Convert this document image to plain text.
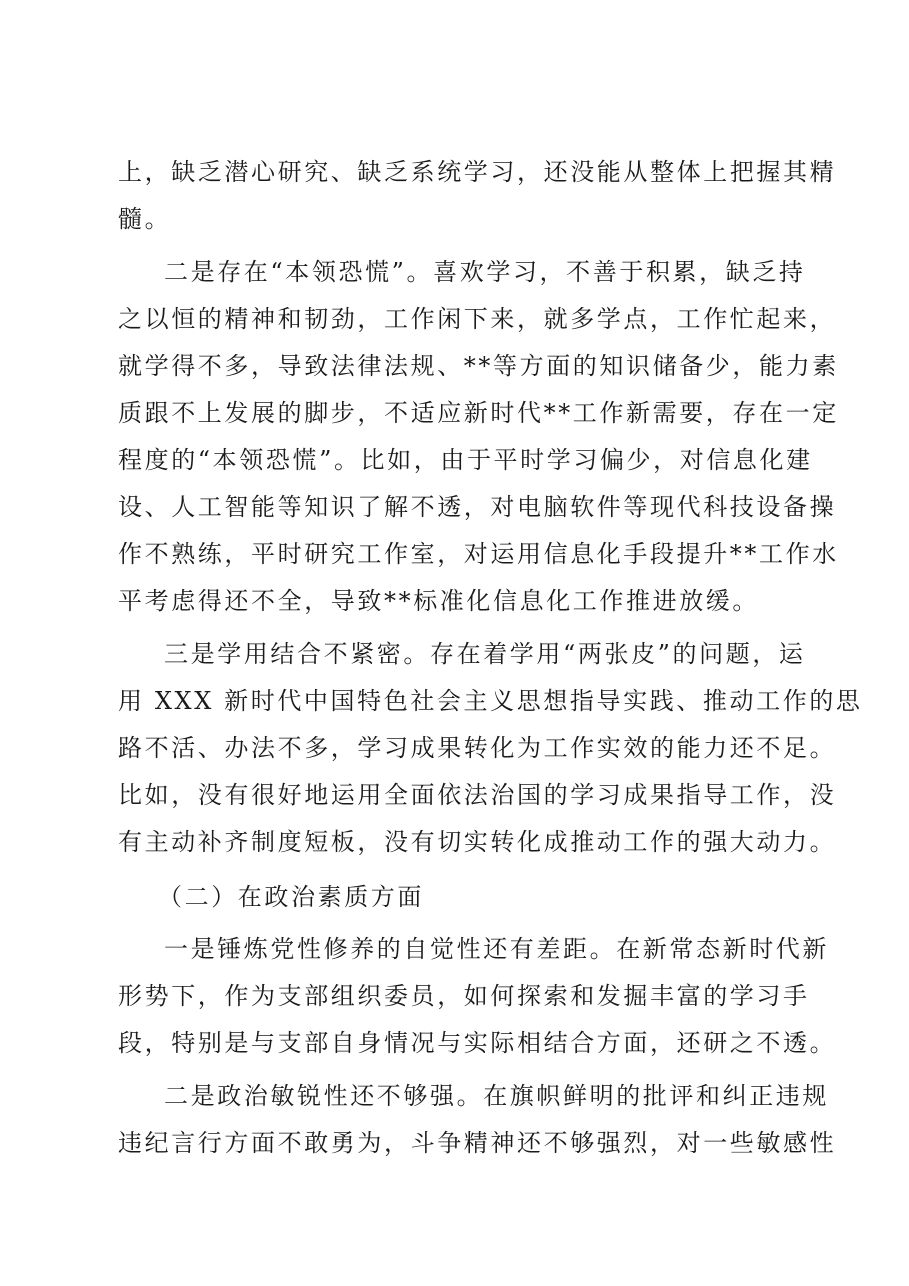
上，缺乏潜心研究、缺乏系统学习，还没能从整体上把握其精
髓。
二是存在“本领恐慌”。喜欢学习，不善于积累，缺乏持
之以恒的精神和韧劲，工作闲下来，就多学点，工作忙起来，
就学得不多，导致法律法规、**等方面的知识储备少，能力素
质跟不上发展的脚步，不适应新时代**工作新需要，存在一定
程度的“本领恐慌”。比如，由于平时学习偏少，对信息化建
设、人工智能等知识了解不透，对电脑软件等现代科技设备操
作不熟练，平时研究工作室，对运用信息化手段提升**工作水
平考虑得还不全，导致**标准化信息化工作推进放缓。
三是学用结合不紧密。存在着学用“两张皮”的问题，运
用 XXX 新时代中国特色社会主义思想指导实践、推动工作的思
路不活、办法不多，学习成果转化为工作实效的能力还不足。
比如，没有很好地运用全面依法治国的学习成果指导工作，没
有主动补齐制度短板，没有切实转化成推动工作的强大动力。
（二）在政治素质方面
一是锤炼党性修养的自觉性还有差距。在新常态新时代新
形势下，作为支部组织委员，如何探索和发掘丰富的学习手
段，特别是与支部自身情况与实际相结合方面，还研之不透。
二是政治敏锐性还不够强。在旗帜鲜明的批评和纠正违规
违纪言行方面不敢勇为，斗争精神还不够强烈，对一些敏感性
